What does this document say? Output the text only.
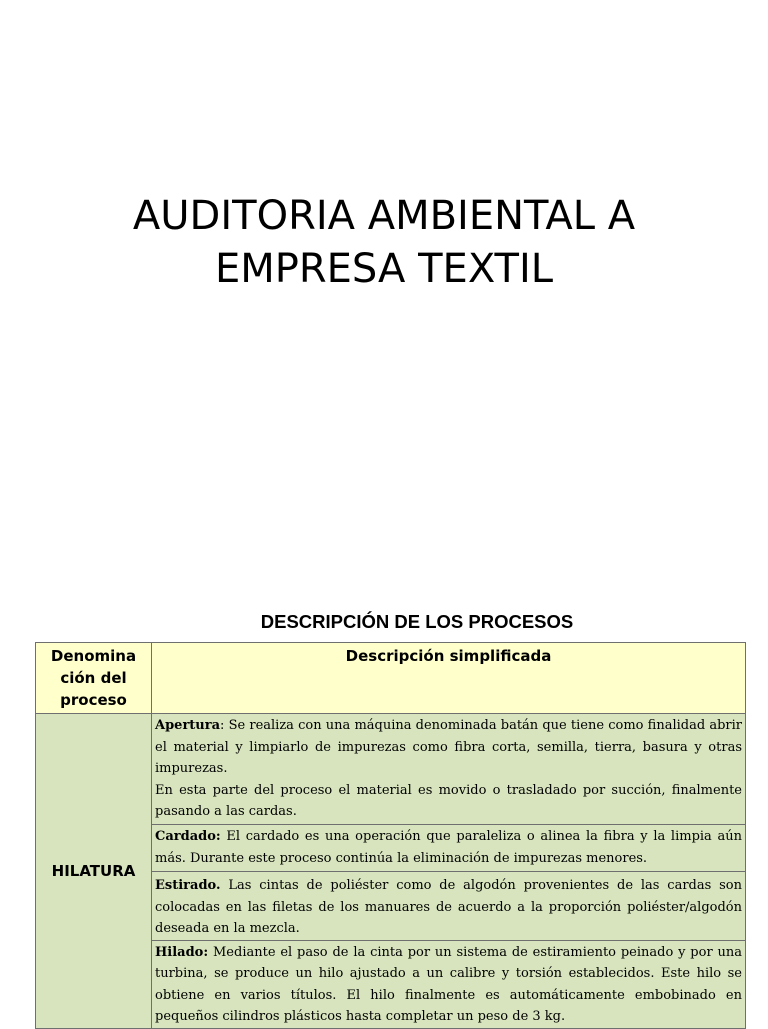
AUDITORIA AMBIENTAL A
EMPRESA TEXTIL
DESCRIPCIÓN DE LOS PROCESOS
Denomina
ción del
proceso	Descripción simplificada
HILATURA	Apertura: Se realiza con una máquina denominada batán que tiene como finalidad abrir el material y limpiarlo de impurezas como fibra corta, semilla, tierra, basura y otras impurezas.

En esta parte del proceso el material es movido o trasladado por succión, finalmente pasando a las cardas.

	Cardado: El cardado es una operación que paraleliza o alinea la fibra y la limpia aún más. Durante este proceso continúa la eliminación de impurezas menores.

	Estirado. Las cintas de poliéster como de algodón provenientes de las cardas son colocadas en las filetas de los manuares de acuerdo a la proporción poliéster/algodón deseada en la mezcla.

	Hilado: Mediante el paso de la cinta por un sistema de estiramiento peinado y por una turbina, se produce un hilo ajustado a un calibre y torsión establecidos. Este hilo se obtiene en varios títulos. El hilo finalmente es automáticamente embobinado en pequeños cilindros plásticos hasta completar un peso de 3 kg.
